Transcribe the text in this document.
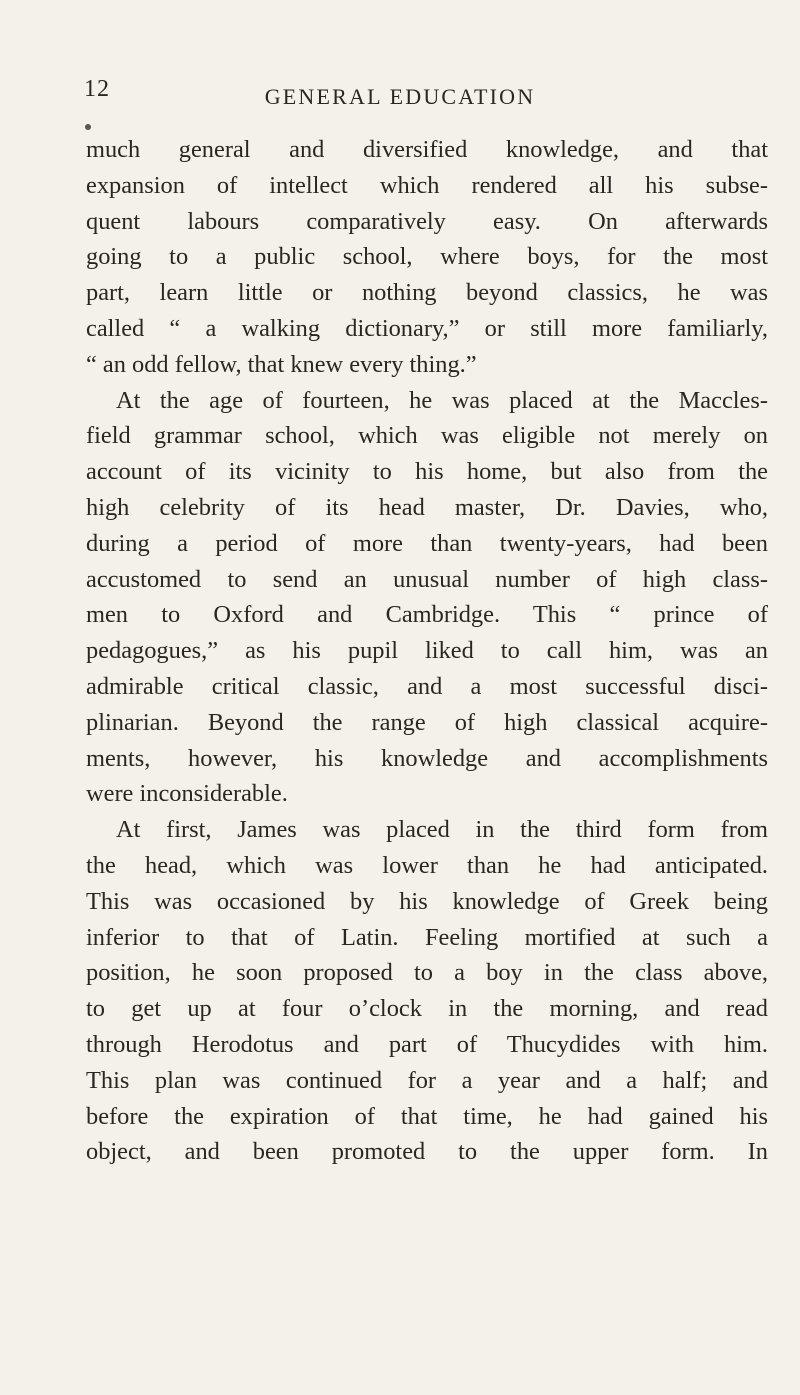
12	GENERAL EDUCATION
much general and diversified knowledge, and that
expansion of intellect which rendered all his subse-
quent labours comparatively easy. On afterwards
going to a public school, where boys, for the most
part, learn little or nothing beyond classics, he was
called “ a walking dictionary,” or still more familiarly,
“ an odd fellow, that knew every thing.”
At the age of fourteen, he was placed at the Maccles-
field grammar school, which was eligible not merely on
account of its vicinity to his home, but also from the
high celebrity of its head master, Dr. Davies, who,
during a period of more than twenty-years, had been
accustomed to send an unusual number of high class-
men to Oxford and Cambridge. This “ prince of
pedagogues,” as his pupil liked to call him, was an
admirable critical classic, and a most successful disci-
plinarian. Beyond the range of high classical acquire-
ments, however, his knowledge and accomplishments
were inconsiderable.
At first, James was placed in the third form from
the head, which was lower than he had anticipated.
This was occasioned by his knowledge of Greek being
inferior to that of Latin. Feeling mortified at such a
position, he soon proposed to a boy in the class above,
to get up at four o’clock in the morning, and read
through Herodotus and part of Thucydides with him.
This plan was continued for a year and a half; and
before the expiration of that time, he had gained his
object, and been promoted to the upper form. In
